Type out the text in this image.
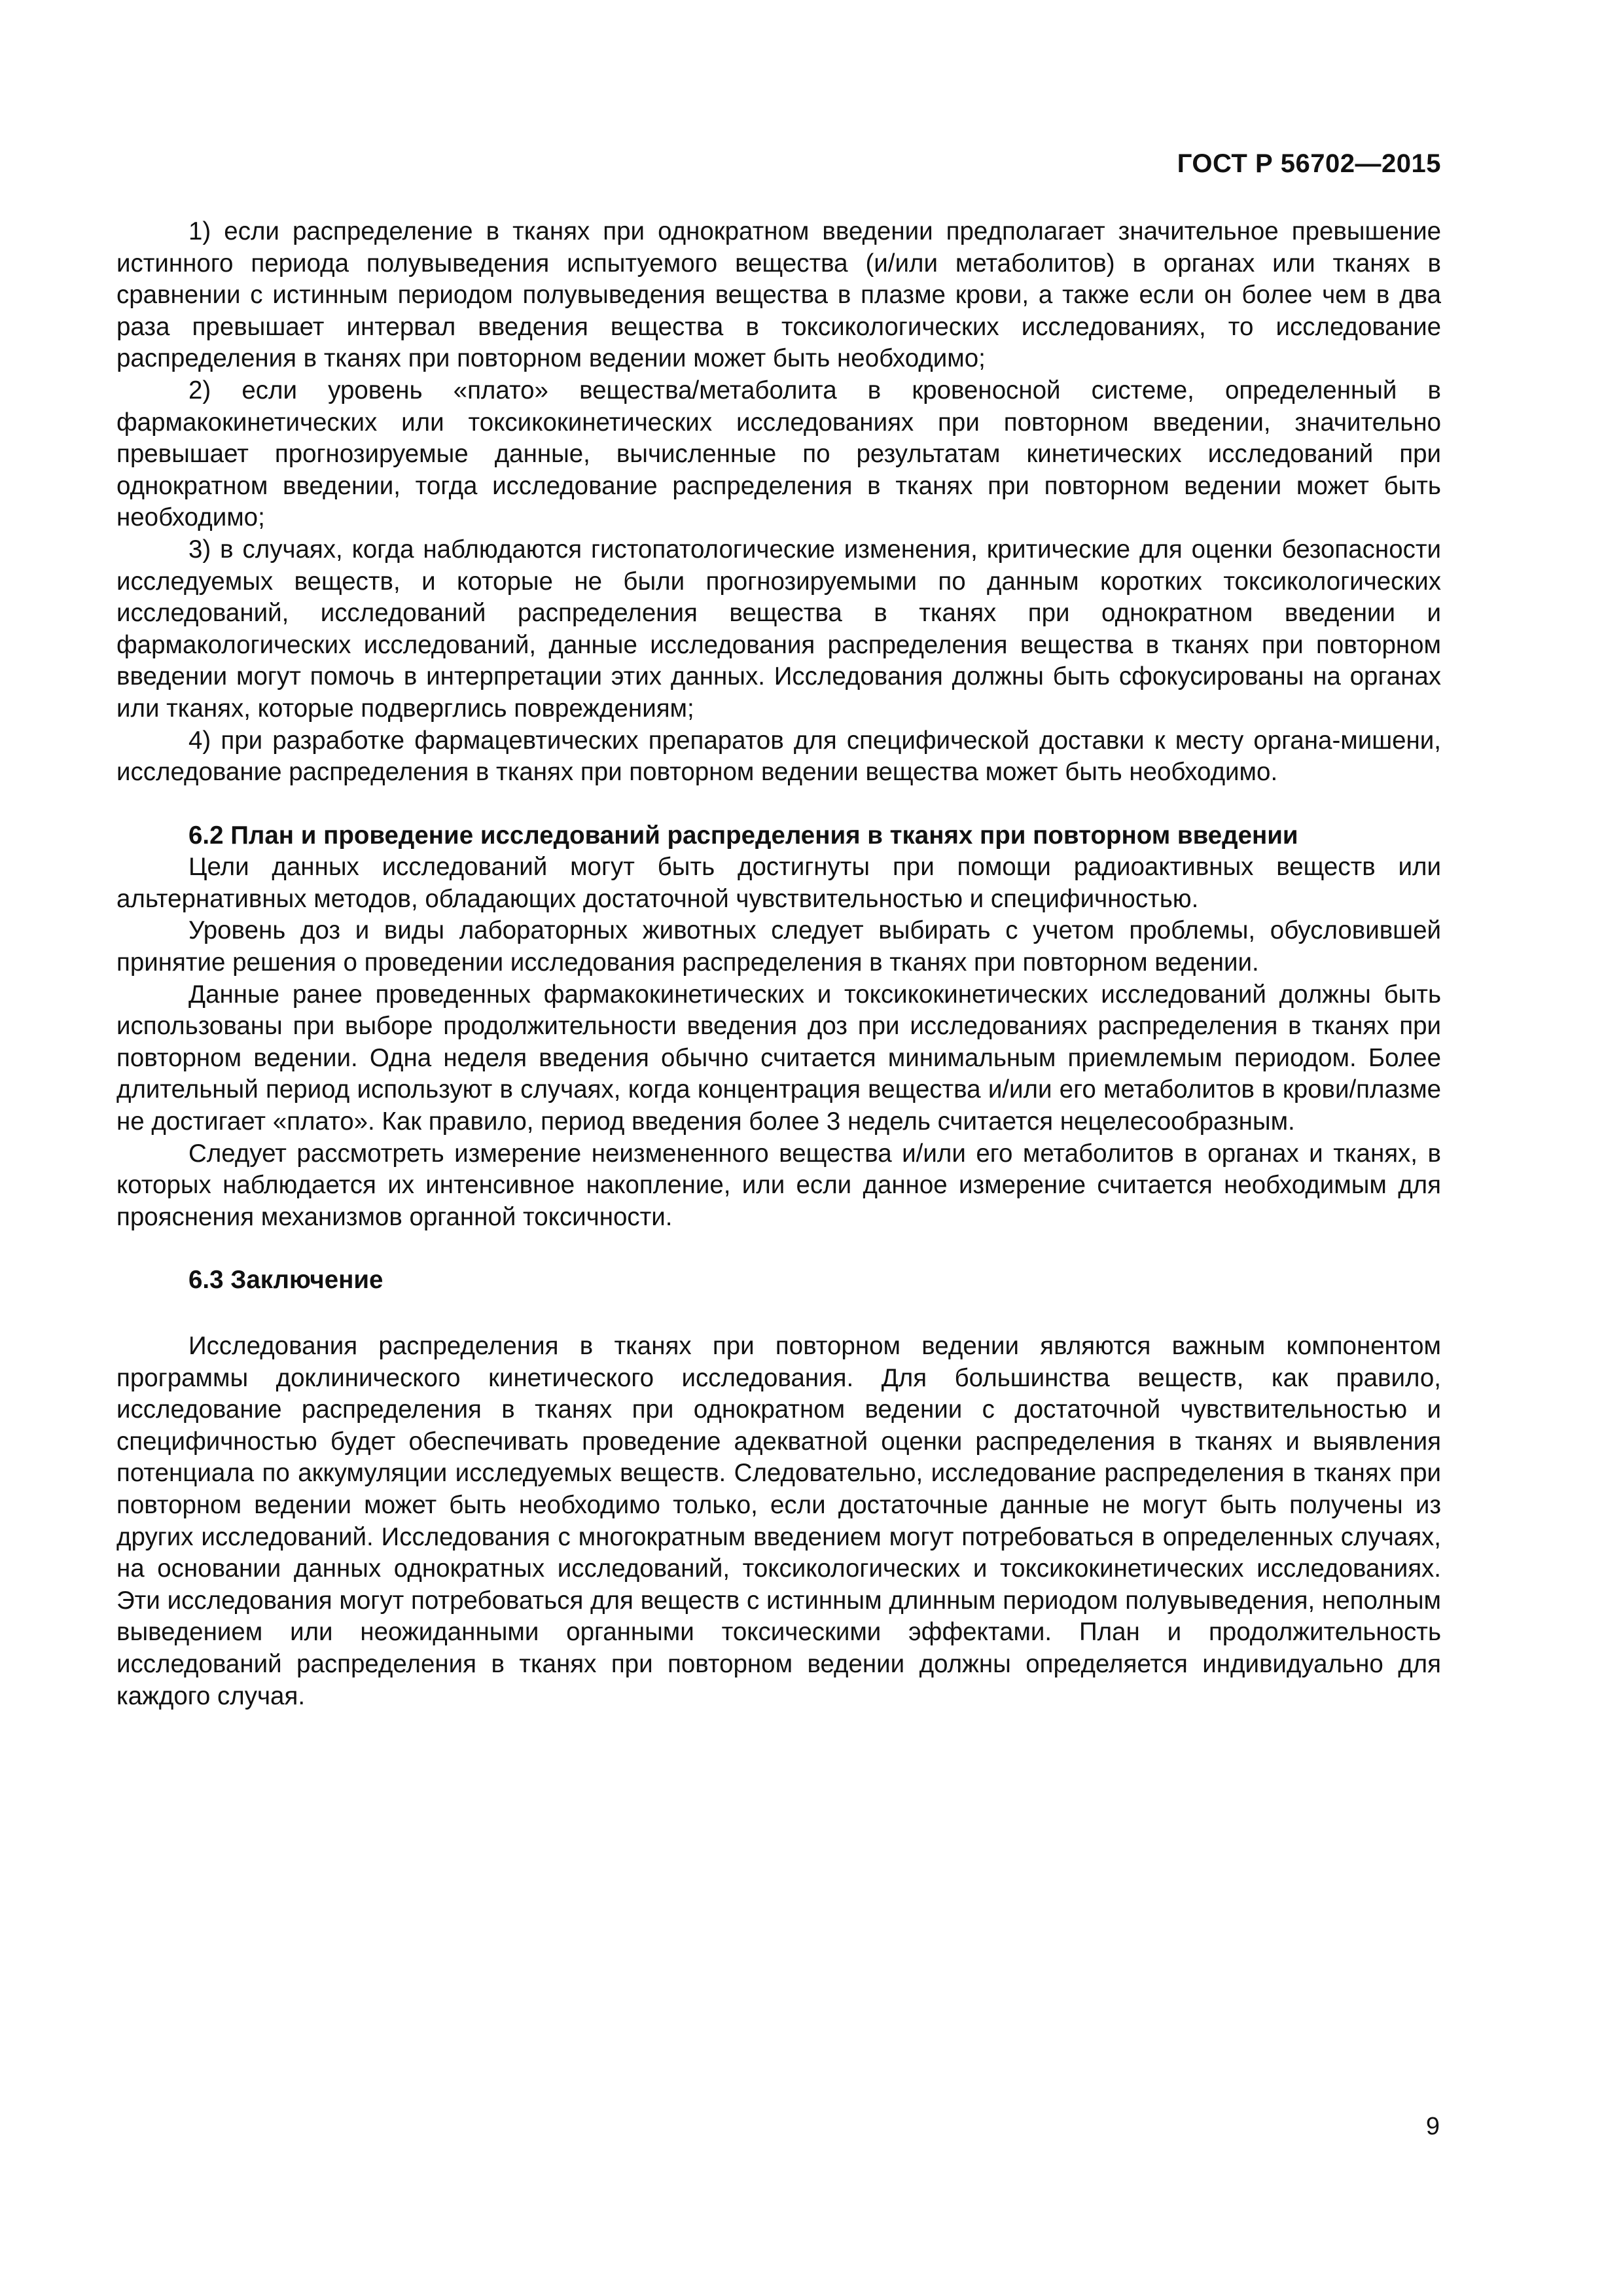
ГОСТ Р 56702—2015

1) если распределение в тканях при однократном введении предполагает значительное превышение истинного периода полувыведения испытуемого вещества (и/или метаболитов) в органах или тканях в сравнении с истинным периодом полувыведения вещества в плазме крови, а также если он более чем в два раза превышает интервал введения вещества в токсикологических исследованиях, то исследование распределения в тканях при повторном ведении может быть необходимо;

2) если уровень «плато» вещества/метаболита в кровеносной системе, определенный в фармакокинетических или токсикокинетических исследованиях при повторном введении, значительно превышает прогнозируемые данные, вычисленные по результатам кинетических исследований при однократном введении, тогда исследование распределения в тканях при повторном ведении может быть необходимо;

3) в случаях, когда наблюдаются гистопатологические изменения, критические для оценки безопасности исследуемых веществ, и которые не были прогнозируемыми по данным коротких токсикологических исследований, исследований распределения вещества в тканях при однократном введении и фармакологических исследований, данные исследования распределения вещества в тканях при повторном введении могут помочь в интерпретации этих данных. Исследования должны быть сфокусированы на органах или тканях, которые подверглись повреждениям;

4) при разработке фармацевтических препаратов для специфической доставки к месту органа-мишени, исследование распределения в тканях при повторном ведении вещества может быть необходимо.

6.2 План и проведение исследований распределения в тканях при повторном введении

Цели данных исследований могут быть достигнуты при помощи радиоактивных веществ или альтернативных методов, обладающих достаточной чувствительностью и специфичностью.

Уровень доз и виды лабораторных животных следует выбирать с учетом проблемы, обусловившей принятие решения о проведении исследования распределения в тканях при повторном ведении.

Данные ранее проведенных фармакокинетических и токсикокинетических исследований должны быть использованы при выборе продолжительности введения доз при исследованиях распределения в тканях при повторном ведении. Одна неделя введения обычно считается минимальным приемлемым периодом. Более длительный период используют в случаях, когда концентрация вещества и/или его метаболитов в крови/плазме не достигает «плато». Как правило, период введения более 3 недель считается нецелесообразным.

Следует рассмотреть измерение неизмененного вещества и/или его метаболитов в органах и тканях, в которых наблюдается их интенсивное накопление, или если данное измерение считается необходимым для прояснения механизмов органной токсичности.

6.3 Заключение

Исследования распределения в тканях при повторном ведении являются важным компонентом программы доклинического кинетического исследования. Для большинства веществ, как правило, исследование распределения в тканях при однократном ведении с достаточной чувствительностью и специфичностью будет обеспечивать проведение адекватной оценки распределения в тканях и выявления потенциала по аккумуляции исследуемых веществ. Следовательно, исследование распределения в тканях при повторном ведении может быть необходимо только, если достаточные данные не могут быть получены из других исследований. Исследования с многократным введением могут потребоваться в определенных случаях, на основании данных однократных исследований, токсикологических и токсикокинетических исследованиях. Эти исследования могут потребоваться для веществ с истинным длинным периодом полувыведения, неполным выведением или неожиданными органными токсическими эффектами. План и продолжительность исследований распределения в тканях при повторном ведении должны определяется индивидуально для каждого случая.

9
